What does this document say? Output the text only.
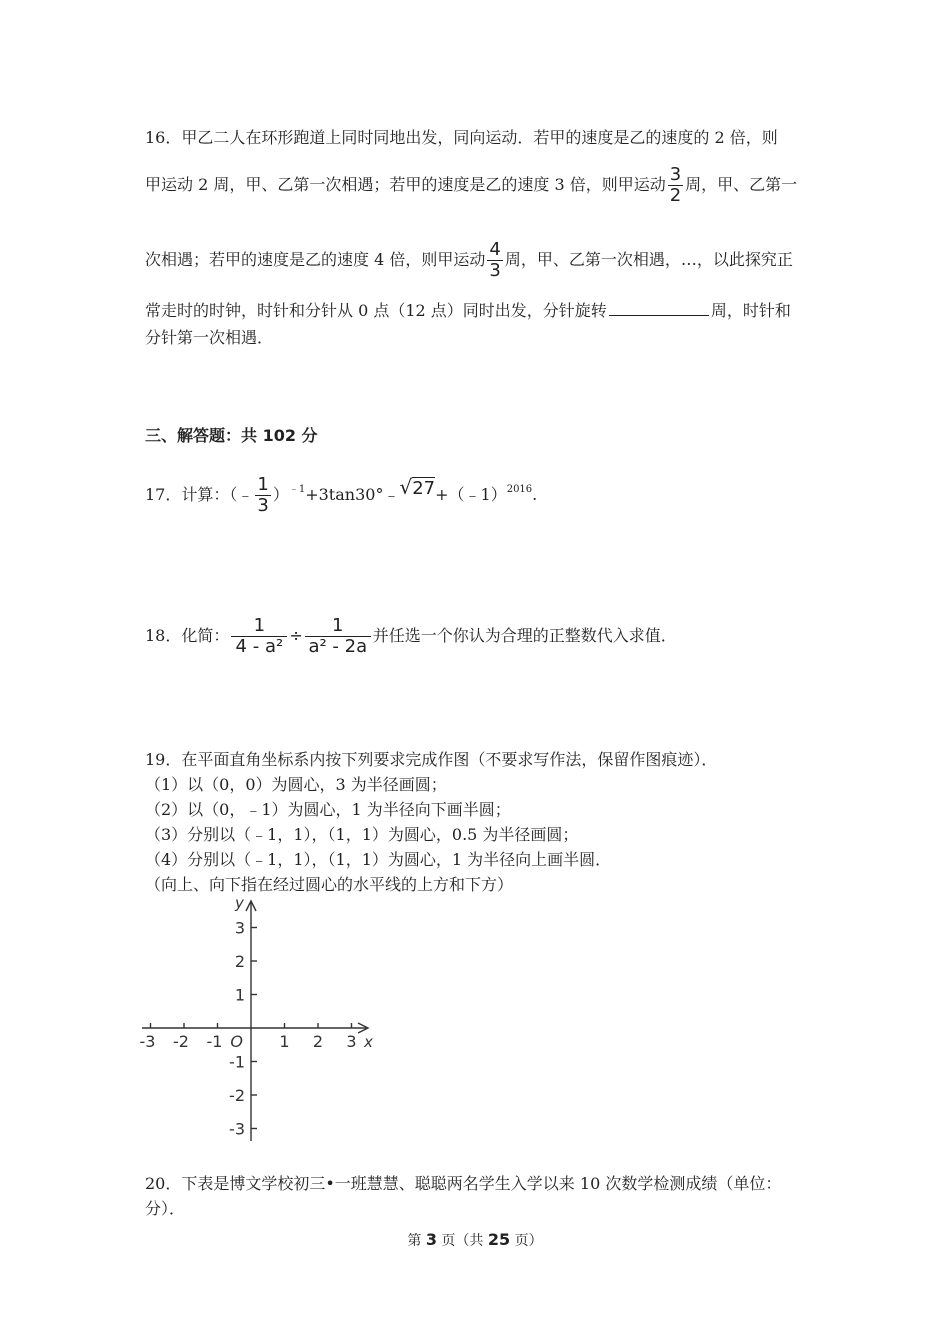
16．甲乙二人在环形跑道上同时同地出发，同向运动．若甲的速度是乙的速度的 2 倍，则
甲运动 2 周，甲、乙第一次相遇；若甲的速度是乙的速度 3 倍，则甲运动 $\frac{3}{2}$ 周，甲、乙第一
次相遇；若甲的速度是乙的速度 4 倍，则甲运动 $\frac{4}{3}$ 周，甲、乙第一次相遇，…，以此探究正
常走时的时钟，时针和分针从 0 点（12 点）同时出发，分针旋转	周，时针和
分针第一次相遇．
三、解答题：共 102 分
17．计算：（﹣ $\frac{1}{3}$ ）$^{﹣1}$+3tan30°﹣√27+（﹣1）$^{2016}$.
18．化简： $\frac{1}{\text{4 - a²}} \div \frac{1}{\text{a² - 2a}}$ 并任选一个你认为合理的正整数代入求值．
19．在平面直角坐标系内按下列要求完成作图（不要求写作法，保留作图痕迹）．
（1）以（0，0）为圆心，3 为半径画圆；
（2）以（0，﹣1）为圆心，1 为半径向下画半圆；
（3）分别以（﹣1，1），（1，1）为圆心，0.5 为半径画圆；
（4）分别以（﹣1，1），（1，1）为圆心，1 为半径向上画半圆．
（向上、向下指在经过圆心的水平线的上方和下方）
-3 -2 -1	1 2 3
3
2
1
-1
-2
-3
O	x
y
20．下表是博文学校初三•一班慧慧、聪聪两名学生入学以来 10 次数学检测成绩（单位：
分）．
第 3 页（共 25 页）
